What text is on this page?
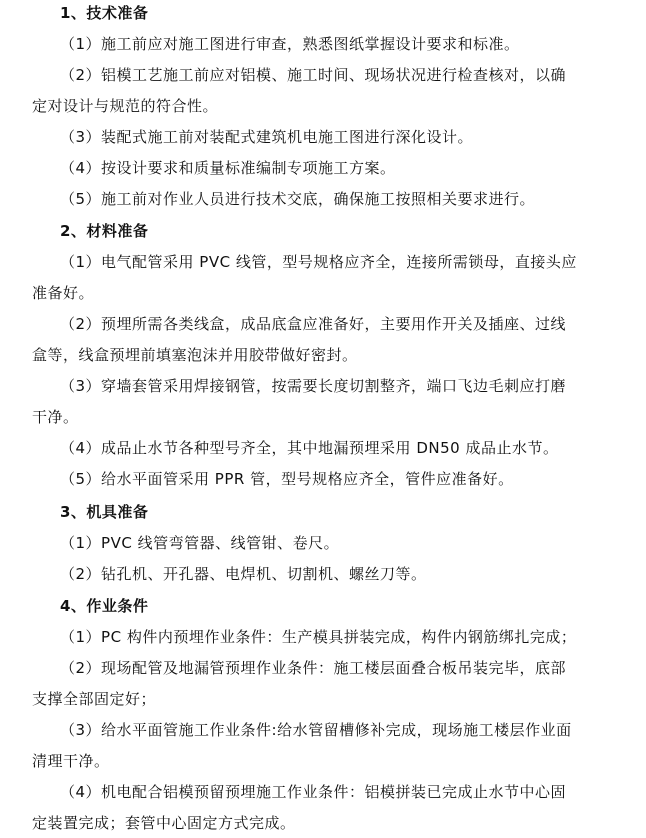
1、技术准备
（1）施工前应对施工图进行审查，熟悉图纸掌握设计要求和标准。
（2）铝模工艺施工前应对铝模、施工时间、现场状况进行检查核对，以确
定对设计与规范的符合性。
（3）装配式施工前对装配式建筑机电施工图进行深化设计。
（4）按设计要求和质量标准编制专项施工方案。
（5）施工前对作业人员进行技术交底，确保施工按照相关要求进行。
2、材料准备
（1）电气配管采用 PVC 线管，型号规格应齐全，连接所需锁母，直接头应
准备好。
（2）预埋所需各类线盒，成品底盒应准备好，主要用作开关及插座、过线
盒等，线盒预埋前填塞泡沫并用胶带做好密封。
（3）穿墙套管采用焊接钢管，按需要长度切割整齐，端口飞边毛刺应打磨
干净。
（4）成品止水节各种型号齐全，其中地漏预埋采用 DN50 成品止水节。
（5）给水平面管采用 PPR 管，型号规格应齐全，管件应准备好。
3、机具准备
（1）PVC 线管弯管器、线管钳、卷尺。
（2）钻孔机、开孔器、电焊机、切割机、螺丝刀等。
4、作业条件
（1）PC 构件内预埋作业条件：生产模具拼装完成，构件内钢筋绑扎完成；
（2）现场配管及地漏管预埋作业条件：施工楼层面叠合板吊装完毕，底部
支撑全部固定好；
（3）给水平面管施工作业条件:给水管留槽修补完成，现场施工楼层作业面
清理干净。
（4）机电配合铝模预留预埋施工作业条件：铝模拼装已完成止水节中心固
定装置完成；套管中心固定方式完成。
